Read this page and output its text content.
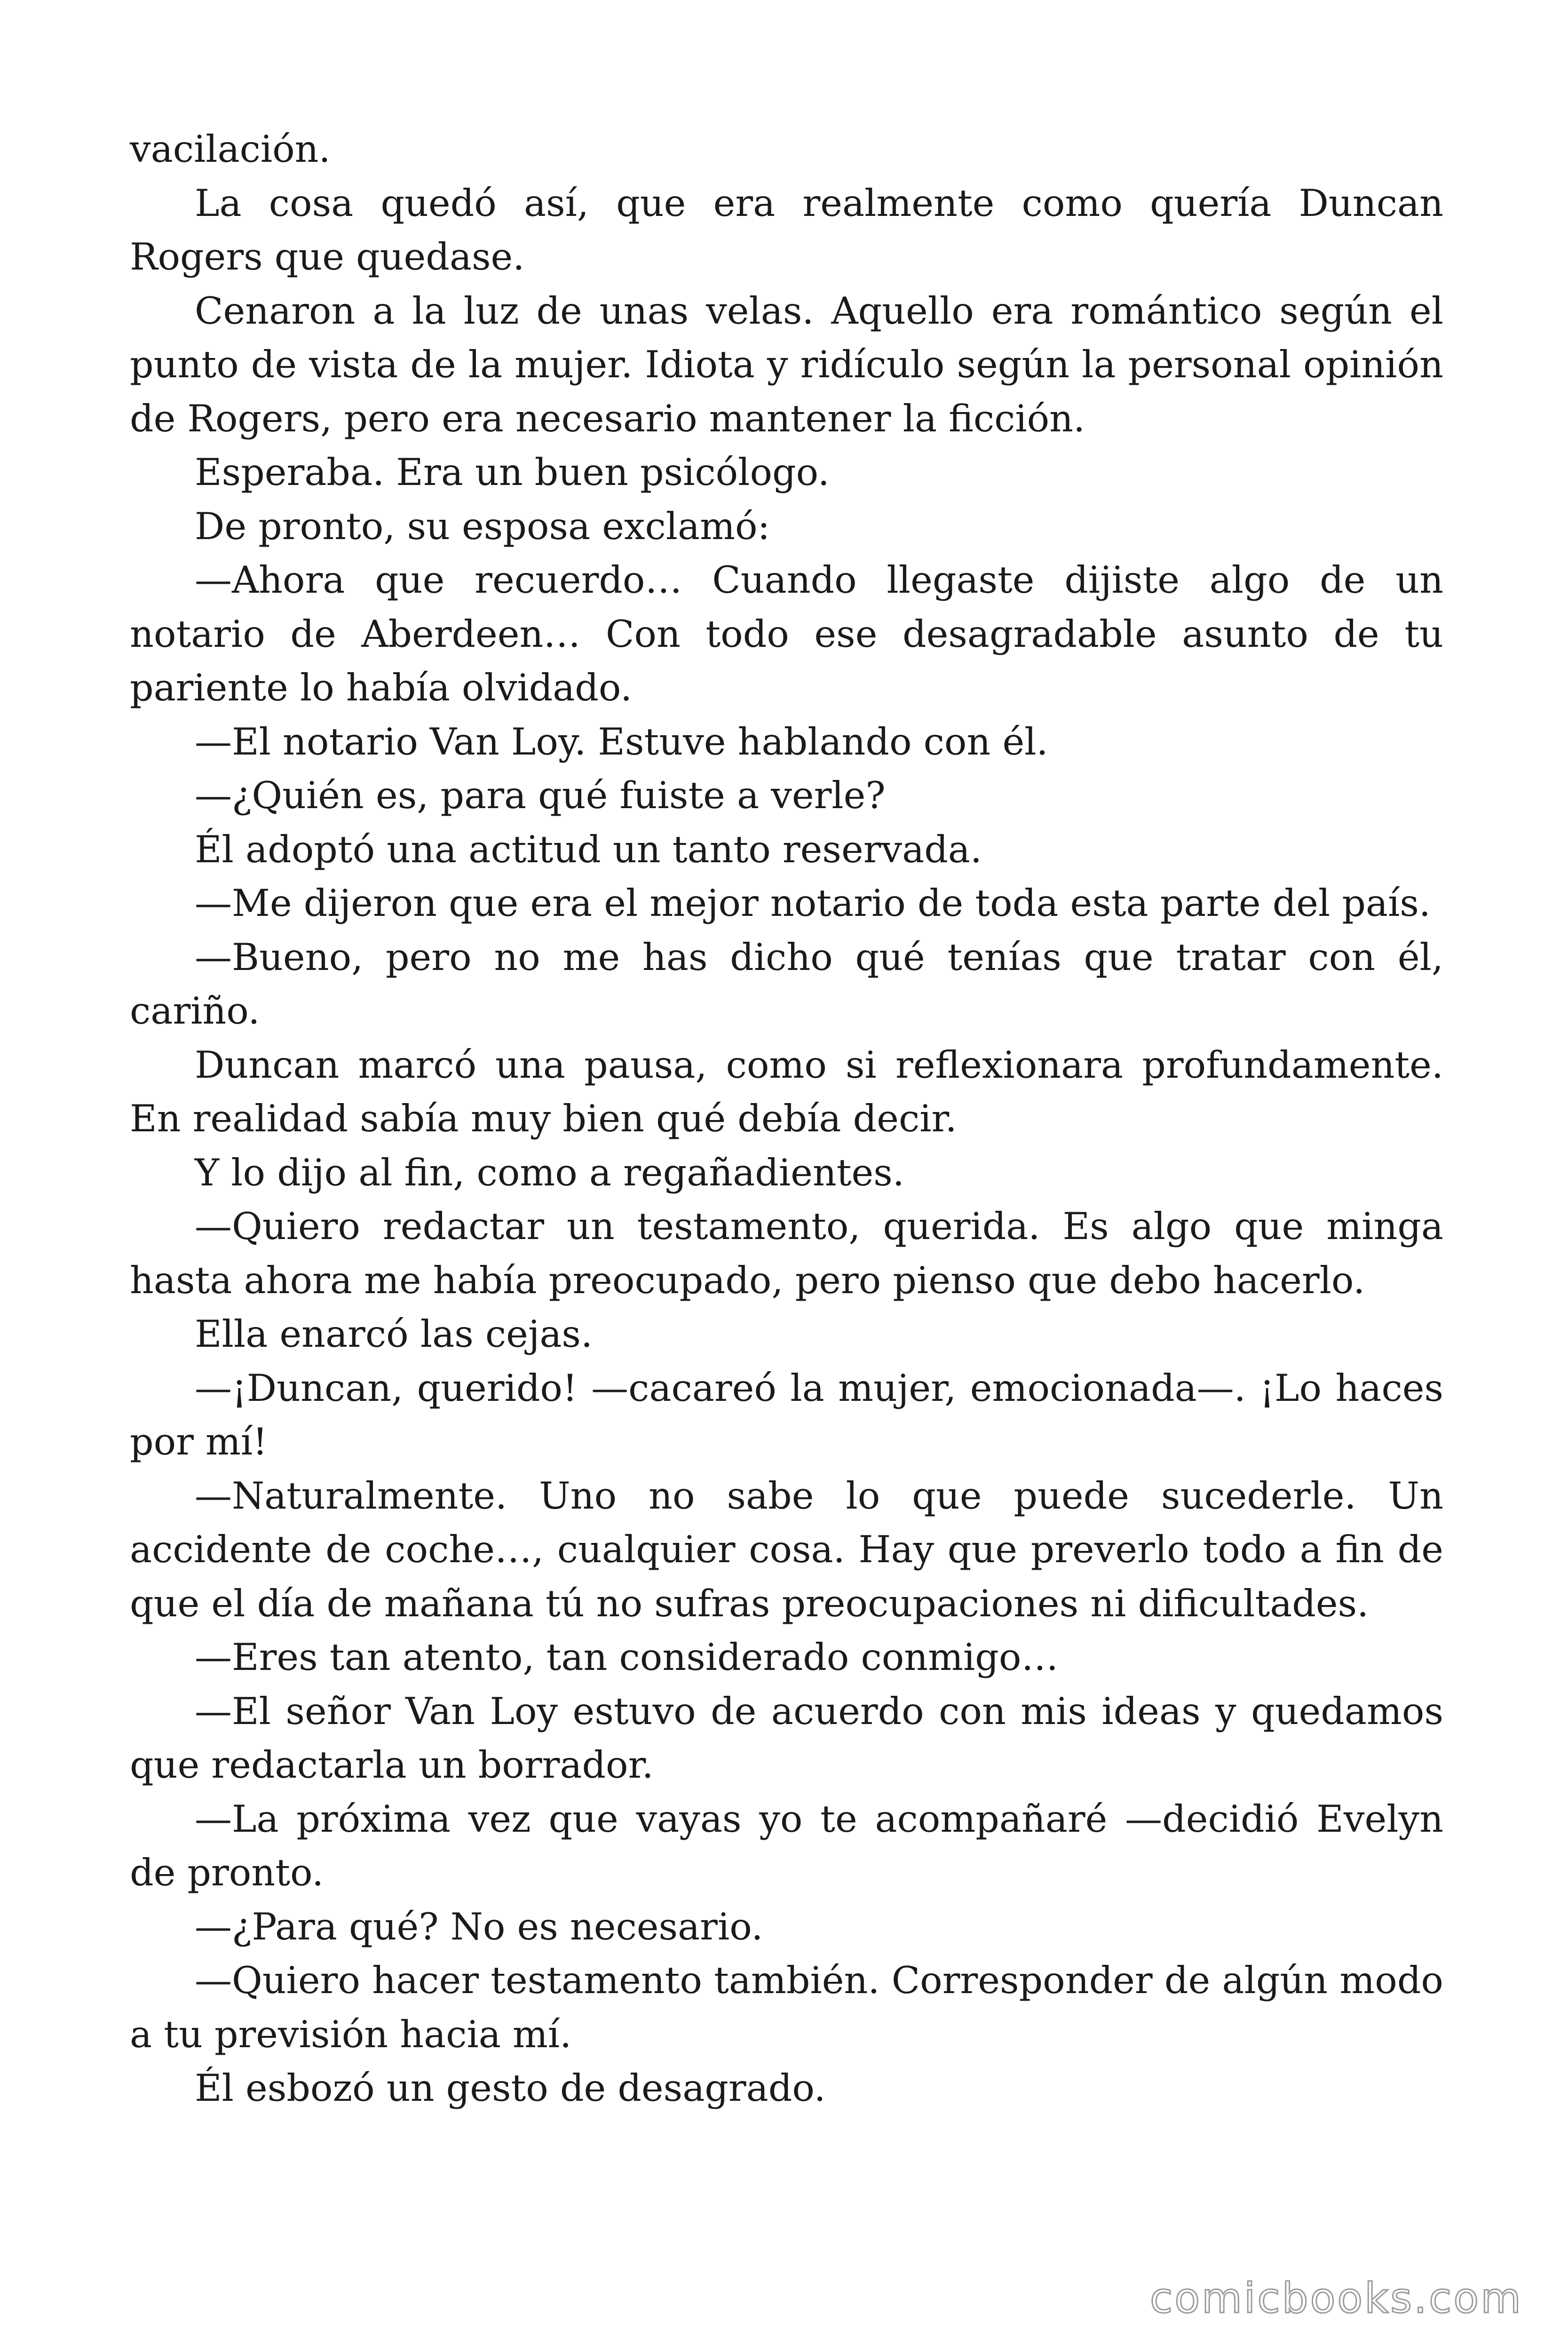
vacilación.

La cosa quedó así, que era realmente como quería Duncan Rogers que quedase.

Cenaron a la luz de unas velas. Aquello era romántico según el punto de vista de la mujer. Idiota y ridículo según la personal opinión de Rogers, pero era necesario mantener la ficción.

Esperaba. Era un buen psicólogo.

De pronto, su esposa exclamó:

—Ahora que recuerdo… Cuando llegaste dijiste algo de un notario de Aberdeen… Con todo ese desagradable asunto de tu pariente lo había olvidado.

—El notario Van Loy. Estuve hablando con él.

—¿Quién es, para qué fuiste a verle?

Él adoptó una actitud un tanto reservada.

—Me dijeron que era el mejor notario de toda esta parte del país.

—Bueno, pero no me has dicho qué tenías que tratar con él, cariño.

Duncan marcó una pausa, como si reflexionara profundamente. En realidad sabía muy bien qué debía decir.

Y lo dijo al fin, como a regañadientes.

—Quiero redactar un testamento, querida. Es algo que minga hasta ahora me había preocupado, pero pienso que debo hacerlo.

Ella enarcó las cejas.

—¡Duncan, querido! —cacareó la mujer, emocionada—. ¡Lo haces por mí!

—Naturalmente. Uno no sabe lo que puede sucederle. Un accidente de coche…, cualquier cosa. Hay que preverlo todo a fin de que el día de mañana tú no sufras preocupaciones ni dificultades.

—Eres tan atento, tan considerado conmigo…

—El señor Van Loy estuvo de acuerdo con mis ideas y quedamos que redactarla un borrador.

—La próxima vez que vayas yo te acompañaré —decidió Evelyn de pronto.

—¿Para qué? No es necesario.

—Quiero hacer testamento también. Corresponder de algún modo a tu previsión hacia mí.

Él esbozó un gesto de desagrado.

comicbooks.com
